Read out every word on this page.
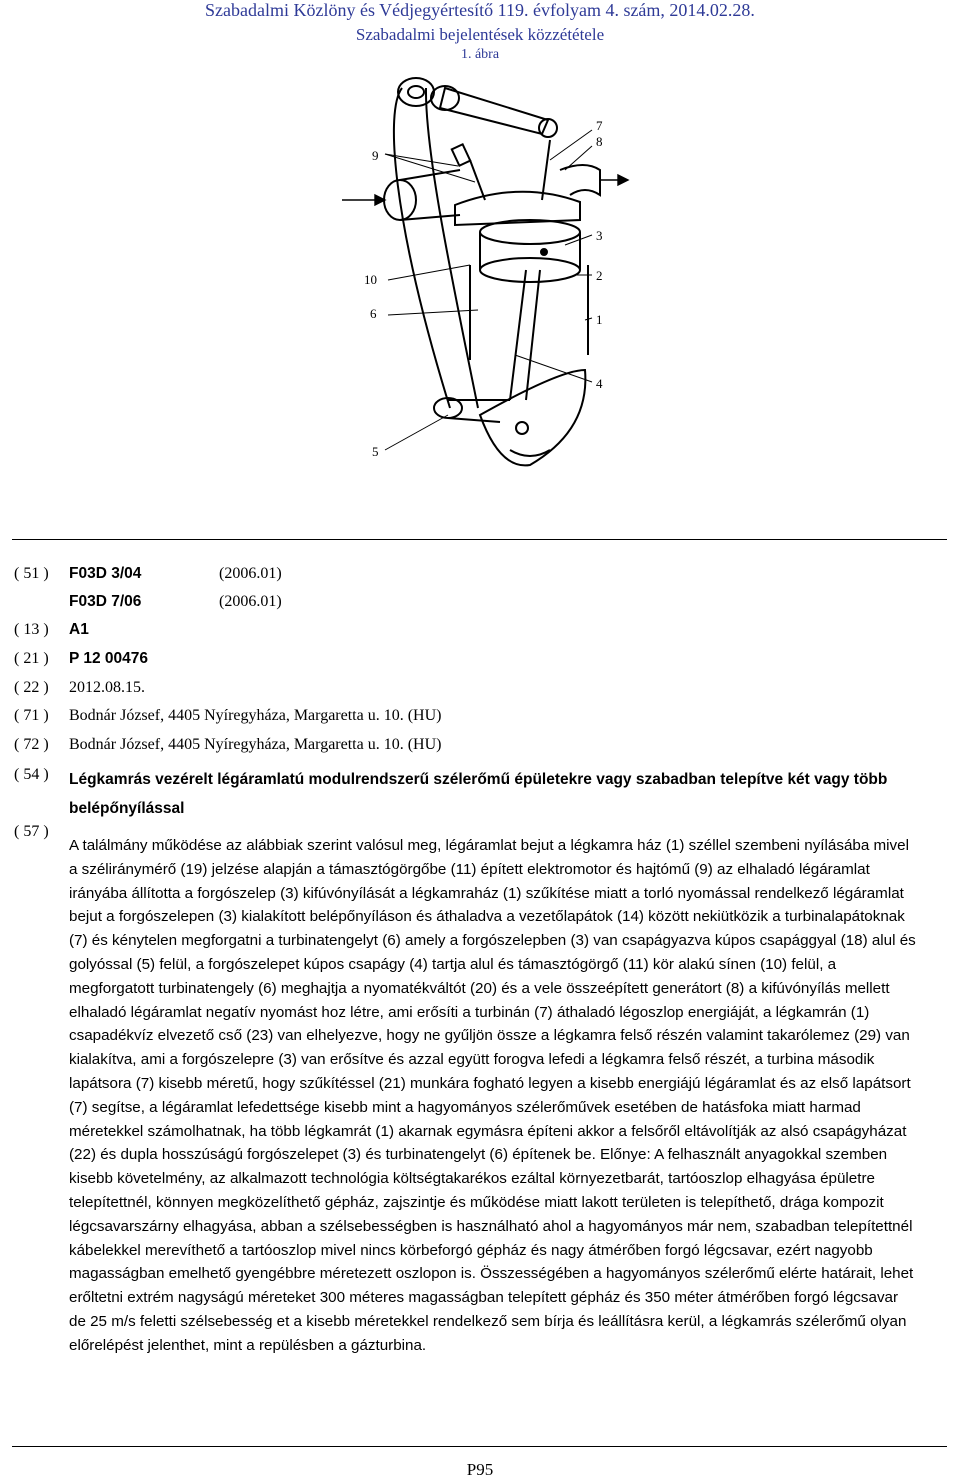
Szabadalmi Közlöny és Védjegyértesítő 119. évfolyam 4. szám, 2014.02.28.
Szabadalmi bejelentések közzététele
1. ábra
9
7
8
3
10	2
6	1
4
5
( 51 ) F03D 3/04	(2006.01)
F03D 7/06	(2006.01)
( 13 ) A1
( 21 ) P 12 00476
( 22 ) 2012.08.15.
( 71 ) Bodnár József, 4405 Nyíregyháza, Margaretta u. 10. (HU)
( 72 ) Bodnár József, 4405 Nyíregyháza, Margaretta u. 10. (HU)
( 54 ) Légkamrás vezérelt légáramlatú modulrendszerű szélerőmű épületekre vagy szabadban telepítve két vagy több belépőnyílással
( 57 )
A találmány működése az alábbiak szerint valósul meg, légáramlat bejut a légkamra ház (1) széllel szembeni nyílásába mivel a széliránymérő (19) jelzése alapján a támasztógörgőbe (11) épített elektromotor és hajtómű (9) az elhaladó légáramlat irányába állította a forgószelep (3) kifúvónyílását a légkamraház (1) szűkítése miatt a torló nyomással rendelkező légáramlat bejut a forgószelepen (3) kialakított belépőnyíláson és áthaladva a vezetőlapátok (14) között nekiütközik a turbinalapátoknak (7) és kénytelen megforgatni a turbinatengelyt (6) amely a forgószelepben (3) van csapágyazva kúpos csapággyal (18) alul és golyóssal (5) felül, a forgószelepet kúpos csapágy (4) tartja alul és támasztógörgő (11) kör alakú sínen (10) felül, a megforgatott turbinatengely (6) meghajtja a nyomatékváltót (20) és a vele összeépített generátort (8) a kifúvónyílás mellett elhaladó légáramlat negatív nyomást hoz létre, ami erősíti a turbinán (7) áthaladó légoszlop energiáját, a légkamrán (1) csapadékvíz elvezető cső (23) van elhelyezve, hogy ne gyűljön össze a légkamra felső részén valamint takarólemez (29) van kialakítva, ami a forgószelepre (3) van erősítve és azzal együtt forogva lefedi a légkamra felső részét, a turbina második lapátsora (7) kisebb méretű, hogy szűkítéssel (21) munkára fogható legyen a kisebb energiájú légáramlat és az első lapátsort (7) segítse, a légáramlat lefedettsége kisebb mint a hagyományos szélerőművek esetében de hatásfoka miatt harmad méretekkel számolhatnak, ha több légkamrát (1) akarnak egymásra építeni akkor a felsőről eltávolítják az alsó csapágyházat (22) és dupla hosszúságú forgószelepet (3) és turbinatengelyt (6) építenek be. Előnye: A felhasznált anyagokkal szemben kisebb követelmény, az alkalmazott technológia költségtakarékos ezáltal környezetbarát, tartóoszlop elhagyása épületre telepítettnél, könnyen megközelíthető gépház, zajszintje és működése miatt lakott területen is telepíthető, drága kompozit légcsavarszárny elhagyása, abban a szélsebességben is használható ahol a hagyományos már nem, szabadban telepítettnél kábelekkel merevíthető a tartóoszlop mivel nincs körbeforgó gépház és nagy átmérőben forgó légcsavar, ezért nagyobb magasságban emelhető gyengébbre méretezett oszlopon is. Összességében a hagyományos szélerőmű elérte határait, lehet erőltetni extrém nagyságú méreteket 300 méteres magasságban telepített gépház és 350 méter átmérőben forgó légcsavar de 25 m/s feletti szélsebesség et a kisebb méretekkel rendelkező sem bírja és leállításra kerül, a légkamrás szélerőmű olyan előrelépést jelenthet, mint a repülésben a gázturbina.
P95
